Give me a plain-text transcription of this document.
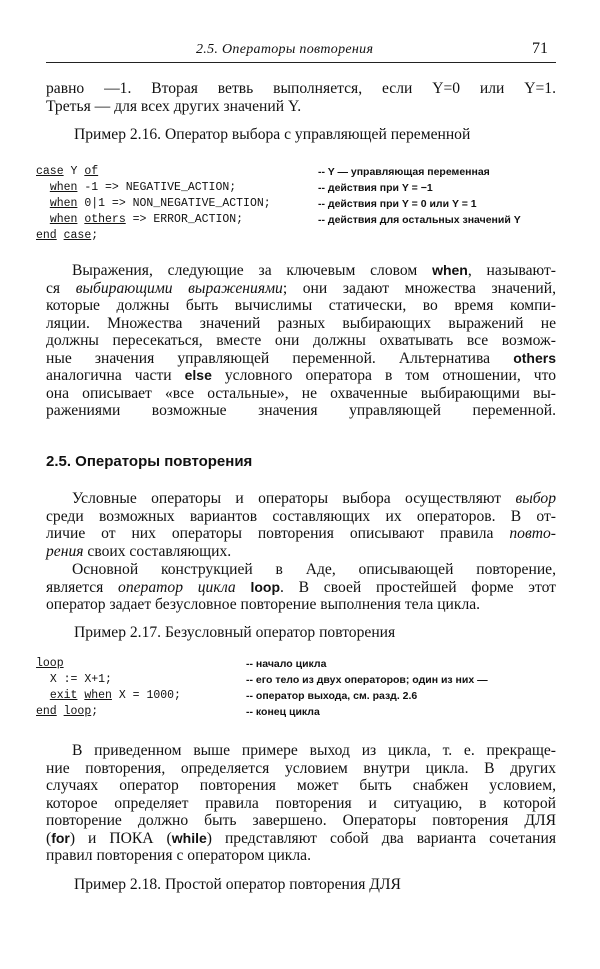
2.5. Операторы повторения	71
равно —1. Вторая ветвь выполняется, если Y=0 или Y=1.
Третья — для всех других значений Y.
Пример 2.16. Оператор выбора с управляющей переменной
case Y of
when -1 => NEGATIVE_ACTION;
when 0|1 => NON_NEGATIVE_ACTION;
when others => ERROR_ACTION;
end case;
-- Y — управляющая переменная
-- действия при Y = −1
-- действия при Y = 0 или Y = 1
-- действия для остальных значений Y
Выражения, следующие за ключевым словом when, называют-
ся выбирающими выражениями; они задают множества значений,
которые должны быть вычислимы статически, во время компи-
ляции. Множества значений разных выбирающих выражений не
должны пересекаться, вместе они должны охватывать все возмож-
ные значения управляющей переменной. Альтернатива others
аналогична части else условного оператора в том отношении, что
она описывает «все остальные», не охваченные выбирающими вы-
ражениями возможные значения управляющей переменной.
2.5. Операторы повторения
Условные операторы и операторы выбора осуществляют выбор
среди возможных вариантов составляющих их операторов. В от-
личие от них операторы повторения описывают правила повто-
рения своих составляющих.
Основной конструкцией в Аде, описывающей повторение,
является оператор цикла loop. В своей простейшей форме этот
оператор задает безусловное повторение выполнения тела цикла.
Пример 2.17. Безусловный оператор повторения
loop
X := X+1;
exit when X = 1000;
end loop;
-- начало цикла
-- его тело из двух операторов; один из них —
-- оператор выхода, см. разд. 2.6
-- конец цикла
В приведенном выше примере выход из цикла, т. е. прекраще-
ние повторения, определяется условием внутри цикла. В других
случаях оператор повторения может быть снабжен условием,
которое определяет правила повторения и ситуацию, в которой
повторение должно быть завершено. Операторы повторения ДЛЯ
(for) и ПОКА (while) представляют собой два варианта сочетания
правил повторения с оператором цикла.
Пример 2.18. Простой оператор повторения ДЛЯ
